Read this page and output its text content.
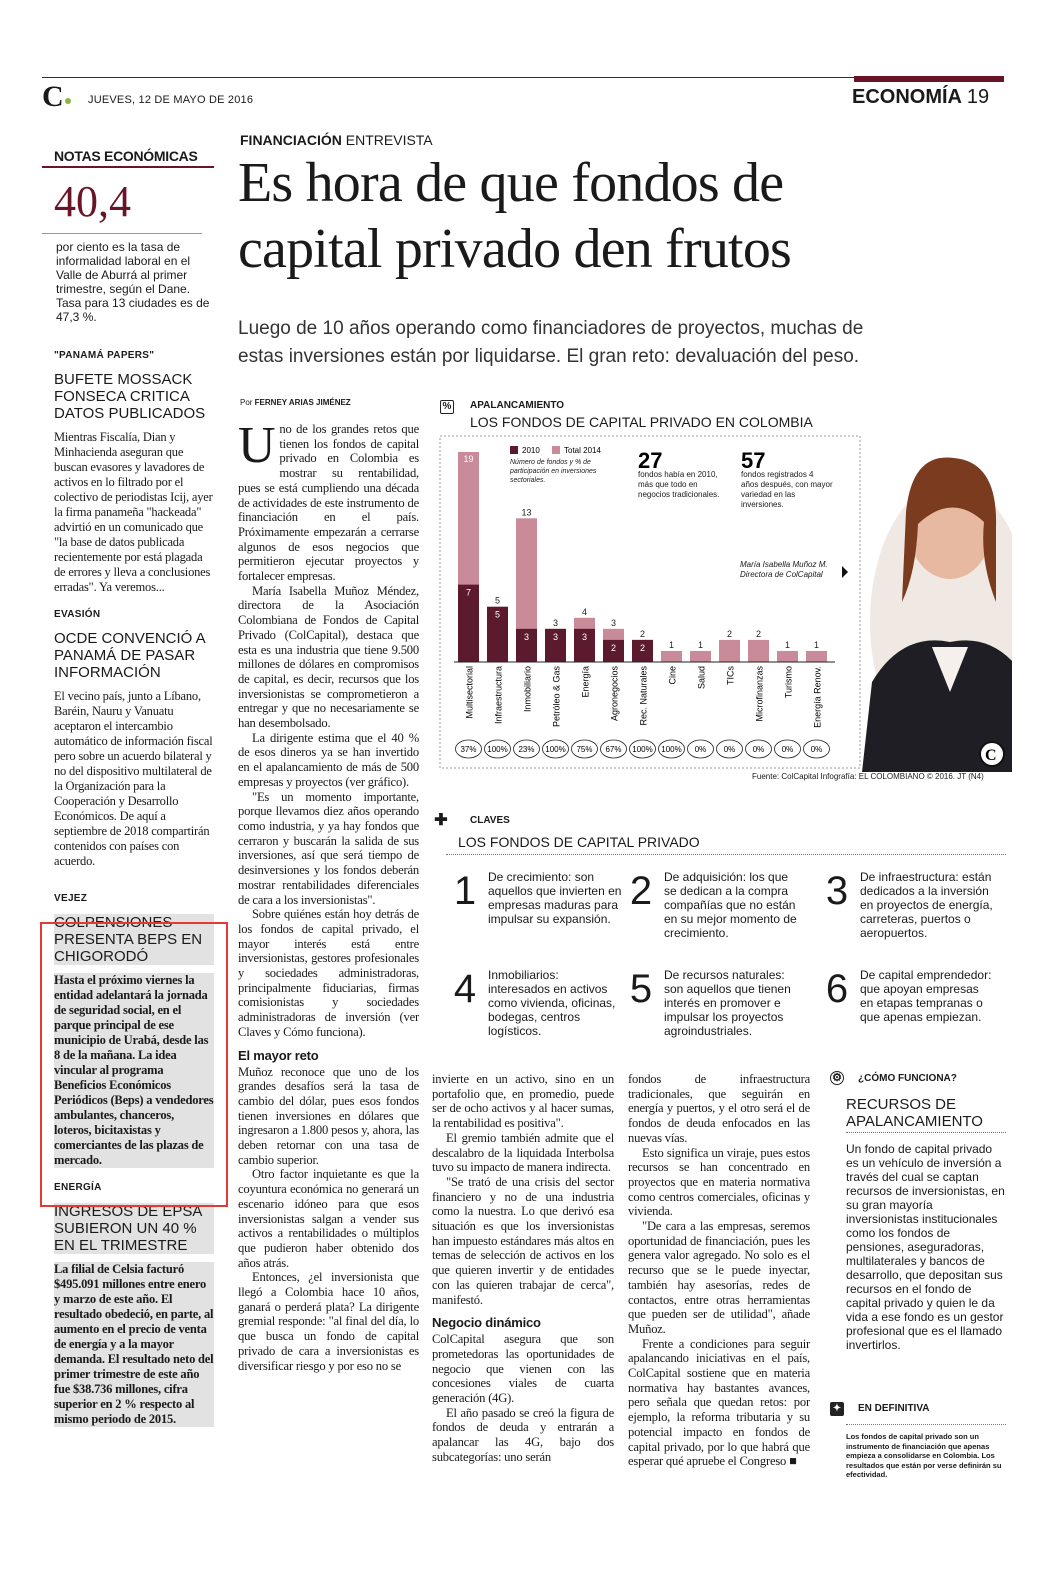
C JUEVES, 12 DE MAYO DE 2016	ECONOMÍA 19
NOTAS ECONÓMICAS
40,4
por ciento es la tasa de informalidad laboral en el Valle de Aburrá al primer trimestre, según el Dane. Tasa para 13 ciudades es de 47,3 %.
"PANAMÁ PAPERS"
BUFETE MOSSACK FONSECA CRITICA DATOS PUBLICADOS
Mientras Fiscalía, Dian y Minhacienda aseguran que buscan evasores y lavadores de activos en lo filtrado por el colectivo de periodistas Icij, ayer la firma panameña "hackeada" advirtió en un comunicado que "la base de datos publicada recientemente por está plagada de errores y lleva a conclusiones erradas". Ya veremos...
EVASIÓN
OCDE CONVENCIÓ A PANAMÁ DE PASAR INFORMACIÓN
El vecino país, junto a Líbano, Baréin, Nauru y Vanuatu aceptaron el intercambio automático de información fiscal pero sobre un acuerdo bilateral y no del dispositivo multilateral de la Organización para la Cooperación y Desarrollo Económicos. De aquí a septiembre de 2018 compartirán contenidos con países con acuerdo.
VEJEZ
COLPENSIONES PRESENTA BEPS EN CHIGORODÓ
Hasta el próximo viernes la entidad adelantará la jornada de seguridad social, en el parque principal de ese municipio de Urabá, desde las 8 de la mañana. La idea vincular al programa Beneficios Económicos Periódicos (Beps) a vendedores ambulantes, chanceros, loteros, bicitaxistas y comerciantes de las plazas de mercado.
ENERGÍA
INGRESOS DE EPSA SUBIERON UN 40 % EN EL TRIMESTRE
La filial de Celsia facturó $495.091 millones entre enero y marzo de este año. El resultado obedeció, en parte, al aumento en el precio de venta de energía y a la mayor demanda. El resultado neto del primer trimestre de este año fue $38.736 millones, cifra superior en 2 % respecto al mismo periodo de 2015.
FINANCIACIÓN ENTREVISTA
Es hora de que fondos de
capital privado den frutos
Luego de 10 años operando como financiadores de proyectos, muchas de
estas inversiones están por liquidarse. El gran reto: devaluación del peso.
Por FERNEY ARIAS JIMÉNEZ

Uno de los grandes retos que tienen los fondos de capital privado en Colombia es mostrar su rentabilidad, pues se está cumpliendo una década de actividades de este instrumento de financiación en el país. Próximamente empezarán a cerrarse algunos de esos negocios que permitieron ejecutar proyectos y fortalecer empresas.

María Isabella Muñoz Méndez, directora de la Asociación Colombiana de Fondos de Capital Privado (ColCapital), destaca que esta es una industria que tiene 9.500 millones de dólares en compromisos de capital, es decir, recursos que los inversionistas se comprometieron a entregar y que no necesariamente se han desembolsado.

La dirigente estima que el 40 % de esos dineros ya se han invertido en el apalancamiento de más de 500 empresas y proyectos (ver gráfico).

"Es un momento importante, porque llevamos diez años operando como industria, y ya hay fondos que cerraron y buscarán la salida de sus inversiones, así que será tiempo de desinversiones y los fondos deberán mostrar rentabilidades diferenciales de cara a los inversionistas".

Sobre quiénes están hoy detrás de los fondos de capital privado, el mayor interés está entre inversionistas, gestores profesionales y sociedades administradoras, principalmente fiduciarias, firmas comisionistas y sociedades administradoras de inversión (ver Claves y Cómo funciona).

El mayor reto

Muñoz reconoce que uno de los grandes desafíos será la tasa de cambio del dólar, pues esos fondos tienen inversiones en dólares que ingresaron a 1.800 pesos y, ahora, las deben retornar con una tasa de cambio superior.

Otro factor inquietante es que la coyuntura económica no generará un escenario idóneo para que esos inversionistas salgan a vender sus activos a rentabilidades o múltiplos que pudieron haber obtenido dos años atrás.

Entonces, ¿el inversionista que llegó a Colombia hace 10 años, ganará o perderá plata? La dirigente gremial responde: "al final del día, lo que busca un fondo de capital privado de cara a inversionistas es diversificar riesgo y por eso no se

invierte en un activo, sino en un portafolio que, en promedio, puede ser de ocho activos y al hacer sumas, la rentabilidad es positiva".

El gremio también admite que el descalabro de la liquidada Interbolsa tuvo su impacto de manera indirecta.

"Se trató de una crisis del sector financiero y no de una industria como la nuestra. Lo que derivó esa situación es que los inversionistas han impuesto estándares más altos en temas de selección de activos en los que quieren invertir y de entidades con las quieren trabajar de cerca", manifestó.

Negocio dinámico

ColCapital asegura que son prometedoras las oportunidades de negocio que vienen con las concesiones viales de cuarta generación (4G).

El año pasado se creó la figura de fondos de deuda y entrarán a apalancar las 4G, bajo dos subcategorías: uno serán

fondos de infraestructura tradicionales, que seguirán en energía y puertos, y el otro será el de fondos de deuda enfocados en las nuevas vías.

Esto significa un viraje, pues estos recursos se han concentrado en proyectos que en materia normativa como centros comerciales, oficinas y vivienda.

"De cara a las empresas, seremos oportunidad de financiación, pues les genera valor agregado. No solo es el recurso que se le puede inyectar, también hay asesorías, redes de contactos, entre otras herramientas que pueden ser de utilidad", añade Muñoz.

Frente a condiciones para seguir apalancando iniciativas en el país, ColCapital sostiene que en materia normativa hay bastantes avances, pero señala que quedan retos: por ejemplo, la reforma tributaria y su potencial impacto en fondos de capital privado, por lo que habrá que esperar qué apruebe el Congreso ■

% APALANCAMIENTO
LOS FONDOS DE CAPITAL PRIVADO EN COLOMBIA
2010	Total 2014
Número de fondos y % de participación en inversiones sectoriales.
27
fondos había en 2010, más que todo en negocios tradicionales.
57
fondos registrados 4 años después, con mayor variedad en las inversiones.
19
7
Multisectorial
37%
5
5
Infraestructura
100%
13
3
Inmobiliario
23%
3
3
Petróleo & Gas
100%
4
3
Energía
75%
3
2
Agronegocios
67%
2
2
Rec. Naturales
100%
1
Cine
100%
1
Salud
0%
2
TICs
0%
2
Microfinanzas
0%
1
Turismo
0%
1
Energía Renov.
0%
María Isabella Muñoz M. Directora de ColCapital
C
Fuente: ColCapital Infografía: EL COLOMBIANO © 2016. JT (N4)
✚ CLAVES
LOS FONDOS DE CAPITAL PRIVADO
1 De crecimiento: son aquellos que invierten en empresas maduras para impulsar su expansión.
2 De adquisición: los que se dedican a la compra compañías que no están en su mejor momento de crecimiento.
3 De infraestructura: están dedicados a la inversión en proyectos de energía, carreteras, puertos o aeropuertos.
4 Inmobiliarios: interesados en activos como vivienda, oficinas, bodegas, centros logísticos.
5 De recursos naturales: son aquellos que tienen interés en promover e impulsar los proyectos agroindustriales.
6 De capital emprendedor: que apoyan empresas en etapas tempranas o que apenas empiezan.
⚙ ¿CÓMO FUNCIONA?
RECURSOS DE APALANCAMIENTO
Un fondo de capital privado es un vehículo de inversión a través del cual se captan recursos de inversionistas, en su gran mayoría inversionistas institucionales como los fondos de pensiones, aseguradoras, multilaterales y bancos de desarrollo, que depositan sus recursos en el fondo de capital privado y quien le da vida a ese fondo es un gestor profesional que es el llamado invertirlos.
✦ EN DEFINITIVA
Los fondos de capital privado son un instrumento de financiación que apenas empieza a consolidarse en Colombia. Los resultados que están por verse definirán su efectividad.
